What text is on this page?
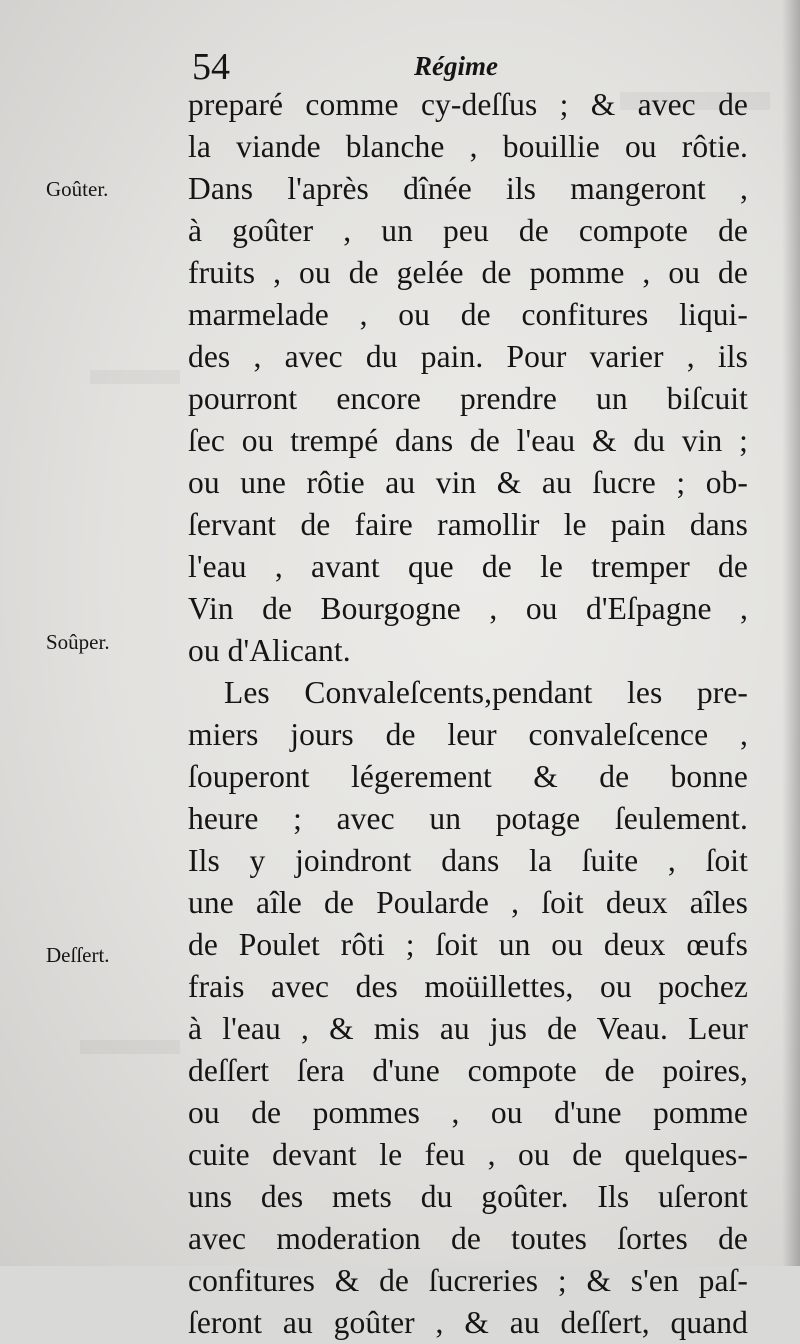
54	Régime
Goûter.
Soûper.
Deſſert.
preparé comme cy-deſſus ; & avec de
la viande blanche , bouillie ou rôtie.
Dans l'après dînée ils mangeront ,
à goûter , un peu de compote de
fruits , ou de gelée de pomme , ou de
marmelade , ou de confitures liqui-
des , avec du pain. Pour varier , ils
pourront encore prendre un biſcuit
ſec ou trempé dans de l'eau & du vin ;
ou une rôtie au vin & au ſucre ; ob-
ſervant de faire ramollir le pain dans
l'eau , avant que de le tremper de
Vin de Bourgogne , ou d'Eſpagne ,
ou d'Alicant.
Les Convaleſcents,pendant les pre-
miers jours de leur convaleſcence ,
ſouperont légerement & de bonne
heure ; avec un potage ſeulement.
Ils y joindront dans la ſuite , ſoit
une aîle de Poularde , ſoit deux aîles
de Poulet rôti ; ſoit un ou deux œufs
frais avec des moüillettes, ou pochez
à l'eau , & mis au jus de Veau. Leur
deſſert ſera d'une compote de poires,
ou de pommes , ou d'une pomme
cuite devant le feu , ou de quelques-
uns des mets du goûter. Ils uſeront
avec moderation de toutes ſortes de
confitures & de ſucreries ; & s'en paſ-
ſeront au goûter , & au deſſert, quand
